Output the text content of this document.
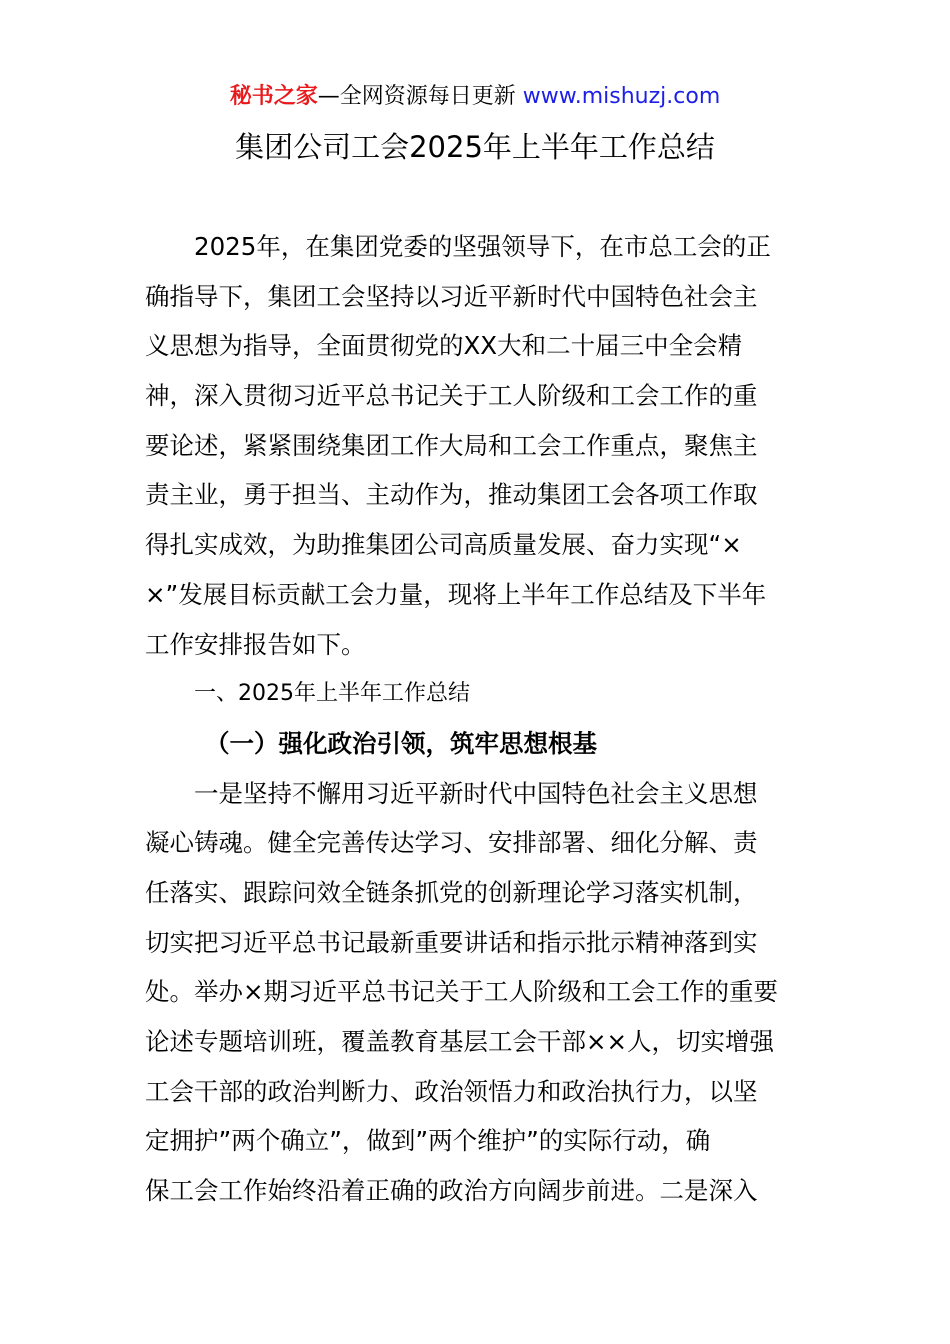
秘书之家—全网资源每日更新 www.mishuzj.com
集团公司工会2025年上半年工作总结
2025年，在集团党委的坚强领导下，在市总工会的正
确指导下，集团工会坚持以习近平新时代中国特色社会主
义思想为指导，全面贯彻党的XX大和二十届三中全会精
神，深入贯彻习近平总书记关于工人阶级和工会工作的重
要论述，紧紧围绕集团工作大局和工会工作重点，聚焦主
责主业，勇于担当、主动作为，推动集团工会各项工作取
得扎实成效，为助推集团公司高质量发展、奋力实现“×
×”发展目标贡献工会力量，现将上半年工作总结及下半年
工作安排报告如下。
一、2025年上半年工作总结
（一）强化政治引领，筑牢思想根基
一是坚持不懈用习近平新时代中国特色社会主义思想
凝心铸魂。健全完善传达学习、安排部署、细化分解、责
任落实、跟踪问效全链条抓党的创新理论学习落实机制，
切实把习近平总书记最新重要讲话和指示批示精神落到实
处。举办×期习近平总书记关于工人阶级和工会工作的重要
论述专题培训班，覆盖教育基层工会干部××人，切实增强
工会干部的政治判断力、政治领悟力和政治执行力，以坚
定拥护”两个确立”，做到”两个维护”的实际行动，确
保工会工作始终沿着正确的政治方向阔步前进。二是深入
